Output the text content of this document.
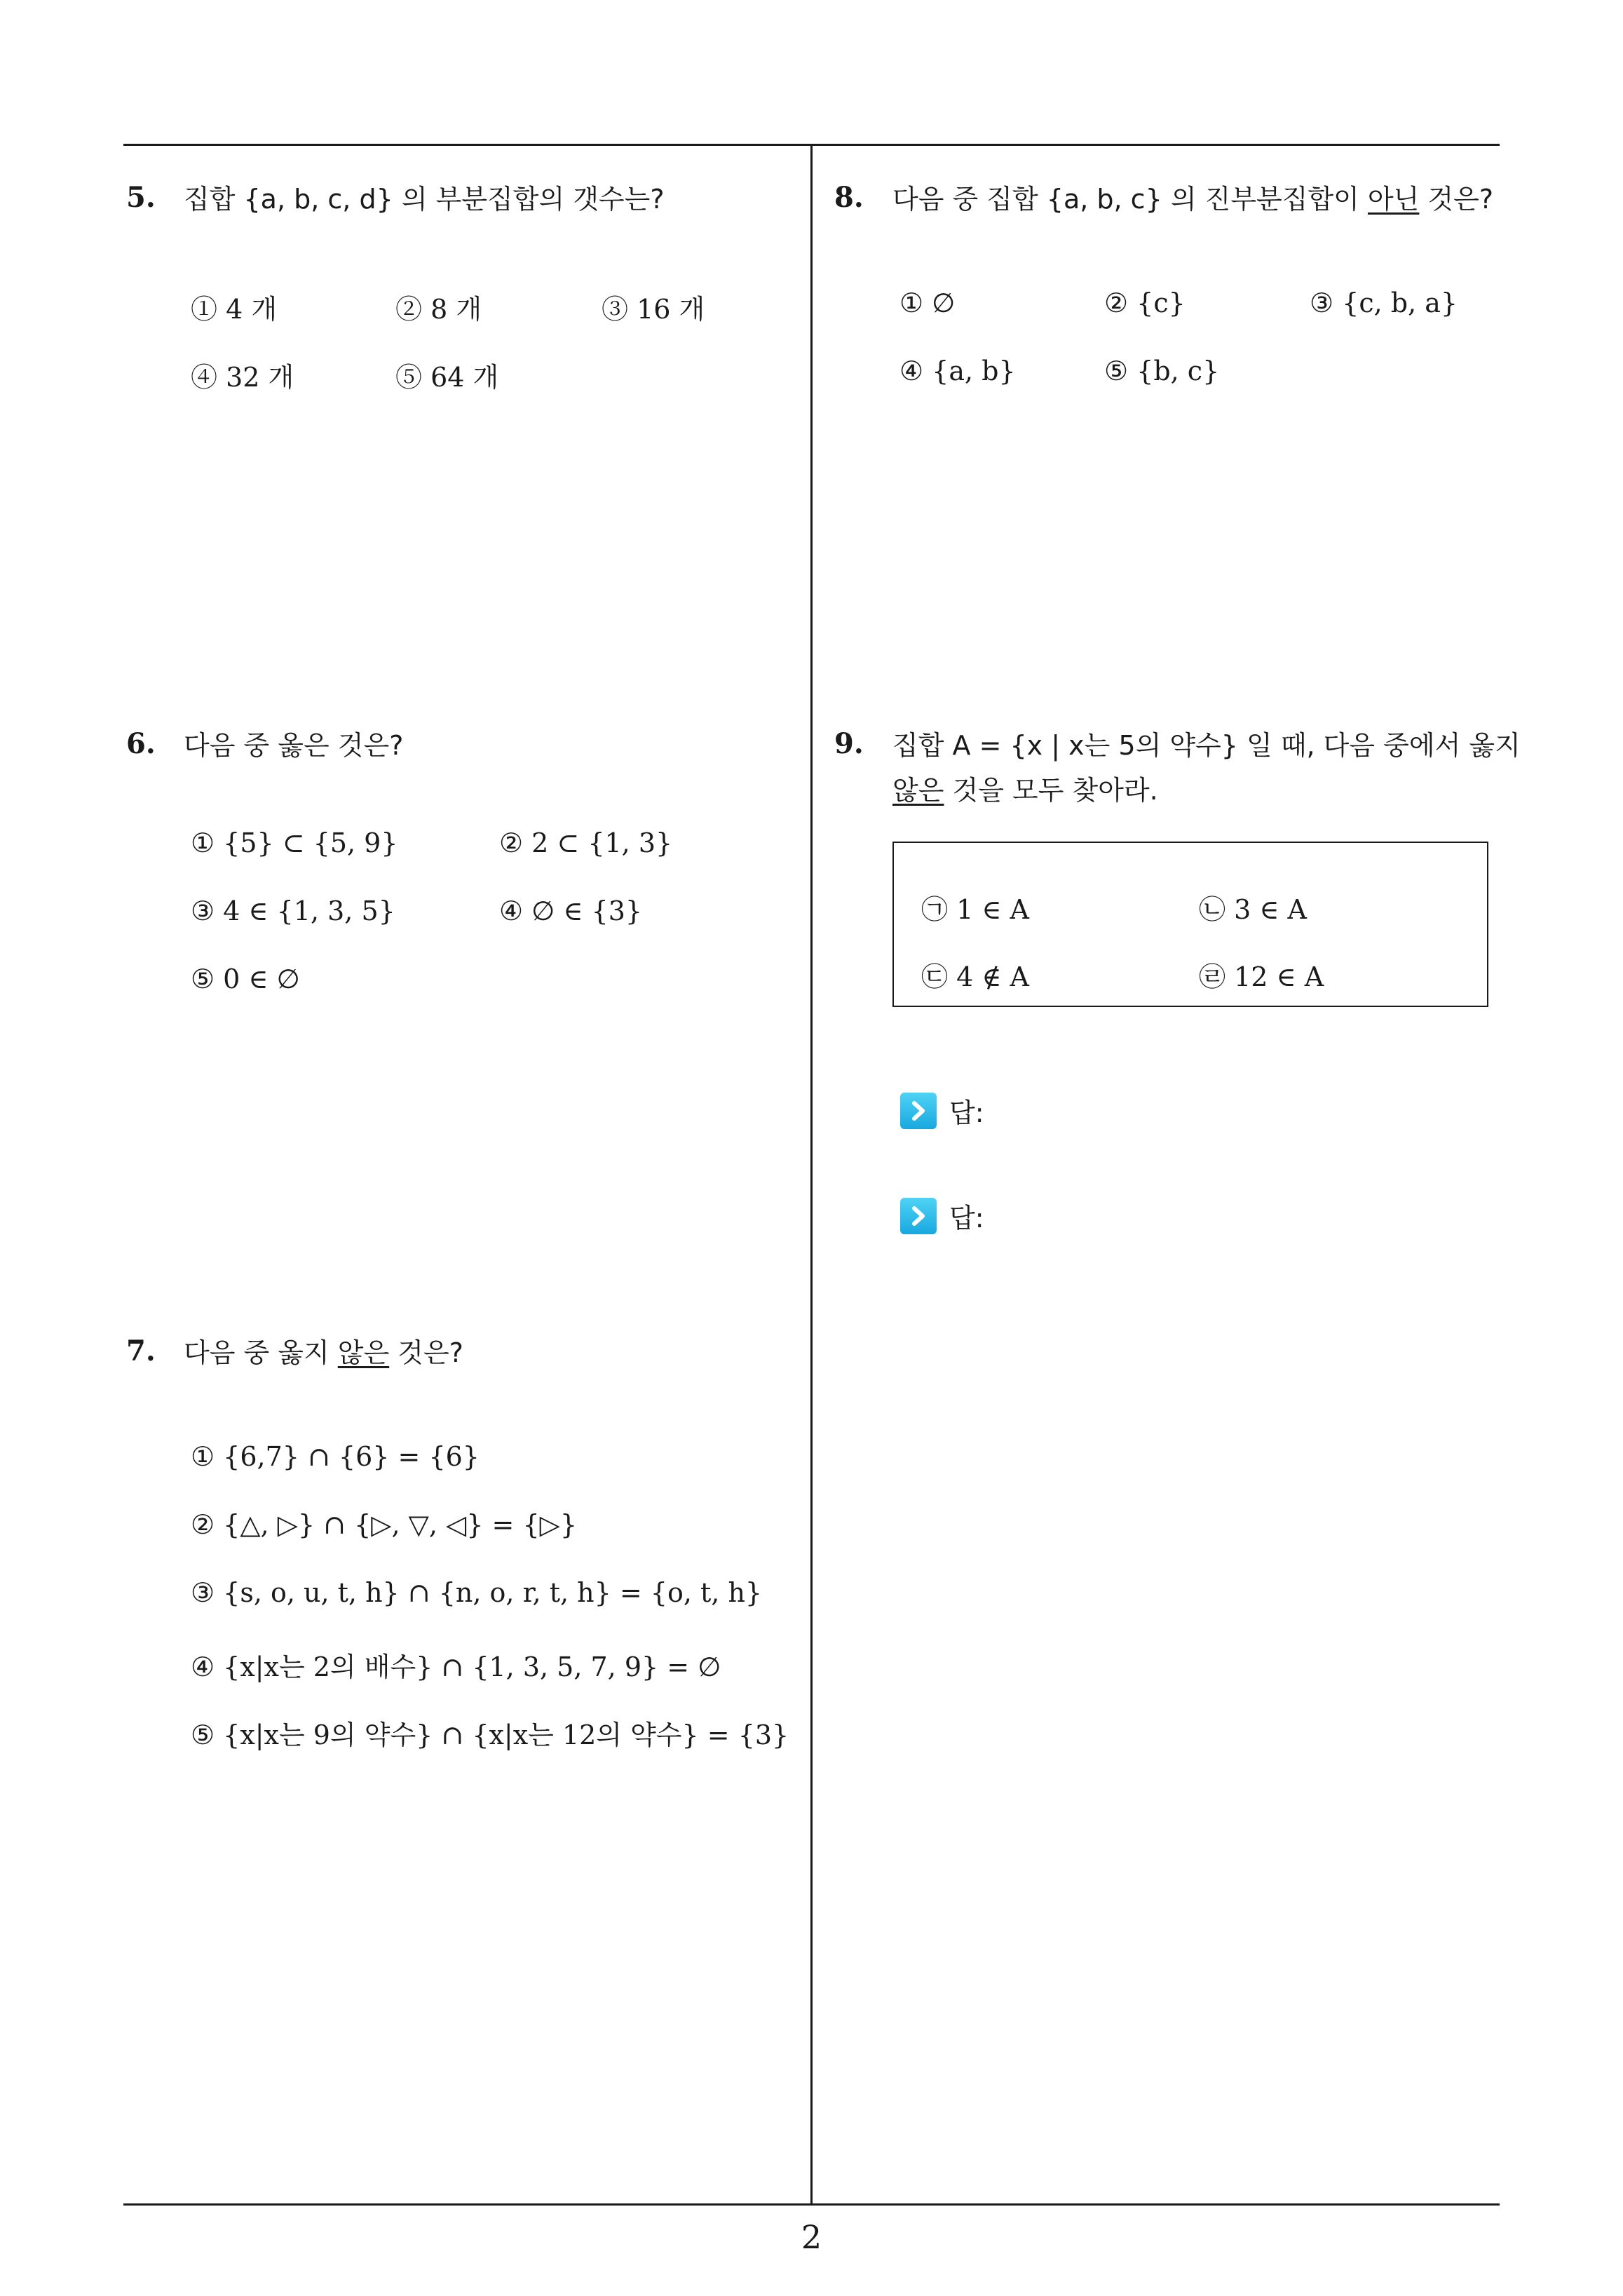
5. 집합 {a, b, c, d} 의 부분집합의 갯수는?
① 4 개	② 8 개	③ 16 개
④ 32 개	⑤ 64 개
6. 다음 중 옳은 것은?
① {5} ⊂ {5, 9}	② 2 ⊂ {1, 3}
③ 4 ∈ {1, 3, 5}	④ ∅ ∈ {3}
⑤ 0 ∈ ∅
7. 다음 중 옳지 않은 것은?
① {6,7} ∩ {6} = {6}
② {△, ▷} ∩ {▷, ▽, ◁} = {▷}
③ {s, o, u, t, h} ∩ {n, o, r, t, h} = {o, t, h}
④ {x|x는 2의 배수} ∩ {1, 3, 5, 7, 9} = ∅
⑤ {x|x는 9의 약수} ∩ {x|x는 12의 약수} = {3}
8. 다음 중 집합 {a, b, c} 의 진부분집합이 아닌 것은?
① ∅	② {c}	③ {c, b, a}
④ {a, b}	⑤ {b, c}
9. 집합 A = {x | x는 5의 약수} 일 때, 다음 중에서 옳지
않은 것을 모두 찾아라.
㉠ 1 ∈ A	㉡ 3 ∈ A
㉢ 4 ∉ A	㉣ 12 ∈ A
답:
답:
2
